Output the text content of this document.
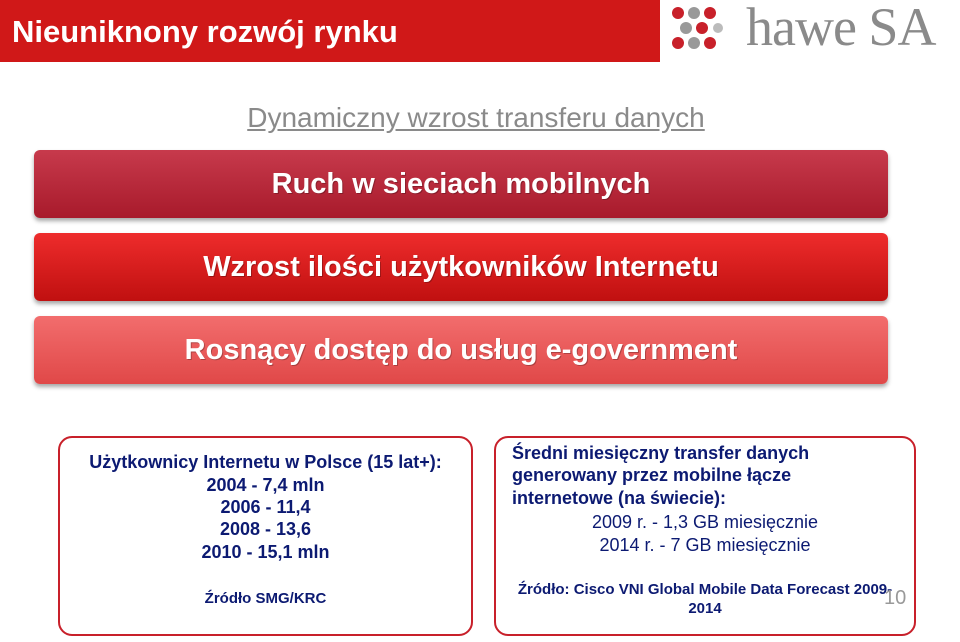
Nieuniknony rozwój rynku	hawe SA
Dynamiczny wzrost transferu danych
Ruch w sieciach mobilnych
Wzrost ilości użytkowników Internetu
Rosnący dostęp do usług e-government
Użytkownicy Internetu w Polsce (15 lat+):
2004 - 7,4 mln
2006 - 11,4
2008 - 13,6
2010 - 15,1 mln
Źródło SMG/KRC
Średni miesięczny transfer danych
generowany przez mobilne łącze
internetowe (na świecie):
2009 r. - 1,3 GB miesięcznie
2014 r. - 7 GB miesięcznie
Źródło: Cisco VNI Global Mobile Data Forecast 2009-
2014	10
